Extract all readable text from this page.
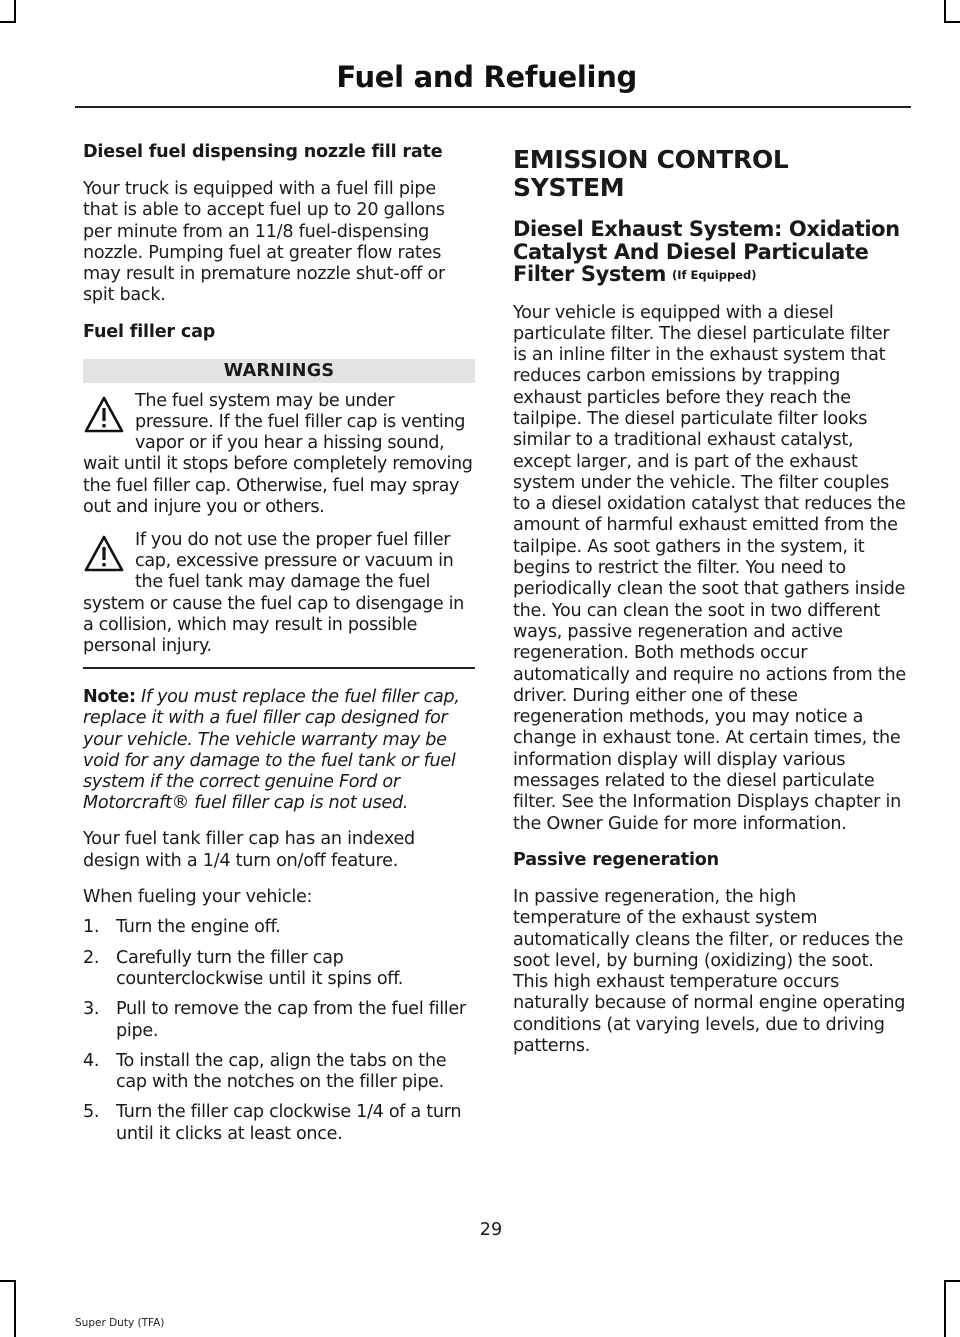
Fuel and Refueling
Diesel fuel dispensing nozzle fill rate

Your truck is equipped with a fuel fill pipe that is able to accept fuel up to 20 gallons per minute from an 11/8 fuel-dispensing nozzle. Pumping fuel at greater flow rates may result in premature nozzle shut-off or spit back.

Fuel filler cap
WARNINGS
The fuel system may be under pressure. If the fuel filler cap is venting vapor or if you hear a hissing sound, wait until it stops before completely removing the fuel filler cap. Otherwise, fuel may spray out and injure you or others.
If you do not use the proper fuel filler cap, excessive pressure or vacuum in the fuel tank may damage the fuel system or cause the fuel cap to disengage in a collision, which may result in possible personal injury.

Note: If you must replace the fuel filler cap, replace it with a fuel filler cap designed for your vehicle. The vehicle warranty may be void for any damage to the fuel tank or fuel system if the correct genuine Ford or Motorcraft® fuel filler cap is not used.

Your fuel tank filler cap has an indexed design with a 1/4 turn on/off feature.

When fueling your vehicle:

1. Turn the engine off.
2. Carefully turn the filler cap counterclockwise until it spins off.
3. Pull to remove the cap from the fuel filler pipe.
4. To install the cap, align the tabs on the cap with the notches on the filler pipe.
5. Turn the filler cap clockwise 1/4 of a turn until it clicks at least once.
EMISSION CONTROL SYSTEM
Diesel Exhaust System: Oxidation Catalyst And Diesel Particulate Filter System (If Equipped)

Your vehicle is equipped with a diesel particulate filter. The diesel particulate filter is an inline filter in the exhaust system that reduces carbon emissions by trapping exhaust particles before they reach the tailpipe. The diesel particulate filter looks similar to a traditional exhaust catalyst, except larger, and is part of the exhaust system under the vehicle. The filter couples to a diesel oxidation catalyst that reduces the amount of harmful exhaust emitted from the tailpipe. As soot gathers in the system, it begins to restrict the filter. You need to periodically clean the soot that gathers inside the. You can clean the soot in two different ways, passive regeneration and active regeneration. Both methods occur automatically and require no actions from the driver. During either one of these regeneration methods, you may notice a change in exhaust tone. At certain times, the information display will display various messages related to the diesel particulate filter. See the Information Displays chapter in the Owner Guide for more information.

Passive regeneration

In passive regeneration, the high temperature of the exhaust system automatically cleans the filter, or reduces the soot level, by burning (oxidizing) the soot. This high exhaust temperature occurs naturally because of normal engine operating conditions (at varying levels, due to driving patterns.

29
Super Duty (TFA)
